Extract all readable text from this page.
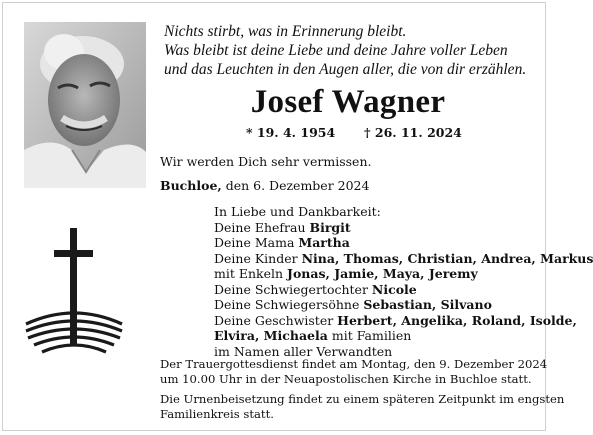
Nichts stirbt, was in Erinnerung bleibt.
Was bleibt ist deine Liebe und deine Jahre voller Leben
und das Leuchten in den Augen aller, die von dir erzählen.
Josef Wagner
* 19. 4. 1954 † 26. 11. 2024
Wir werden Dich sehr vermissen.
Buchloe, den 6. Dezember 2024
In Liebe und Dankbarkeit:
Deine Ehefrau Birgit
Deine Mama Martha
Deine Kinder Nina, Thomas, Christian, Andrea, Markus
mit Enkeln Jonas, Jamie, Maya, Jeremy
Deine Schwiegertochter Nicole
Deine Schwiegersöhne Sebastian, Silvano
Deine Geschwister Herbert, Angelika, Roland, Isolde,
Elvira, Michaela mit Familien
im Namen aller Verwandten
Der Trauergottesdienst findet am Montag, den 9. Dezember 2024
um 10.00 Uhr in der Neuapostolischen Kirche in Buchloe statt.
Die Urnenbeisetzung findet zu einem späteren Zeitpunkt im engsten
Familienkreis statt.
